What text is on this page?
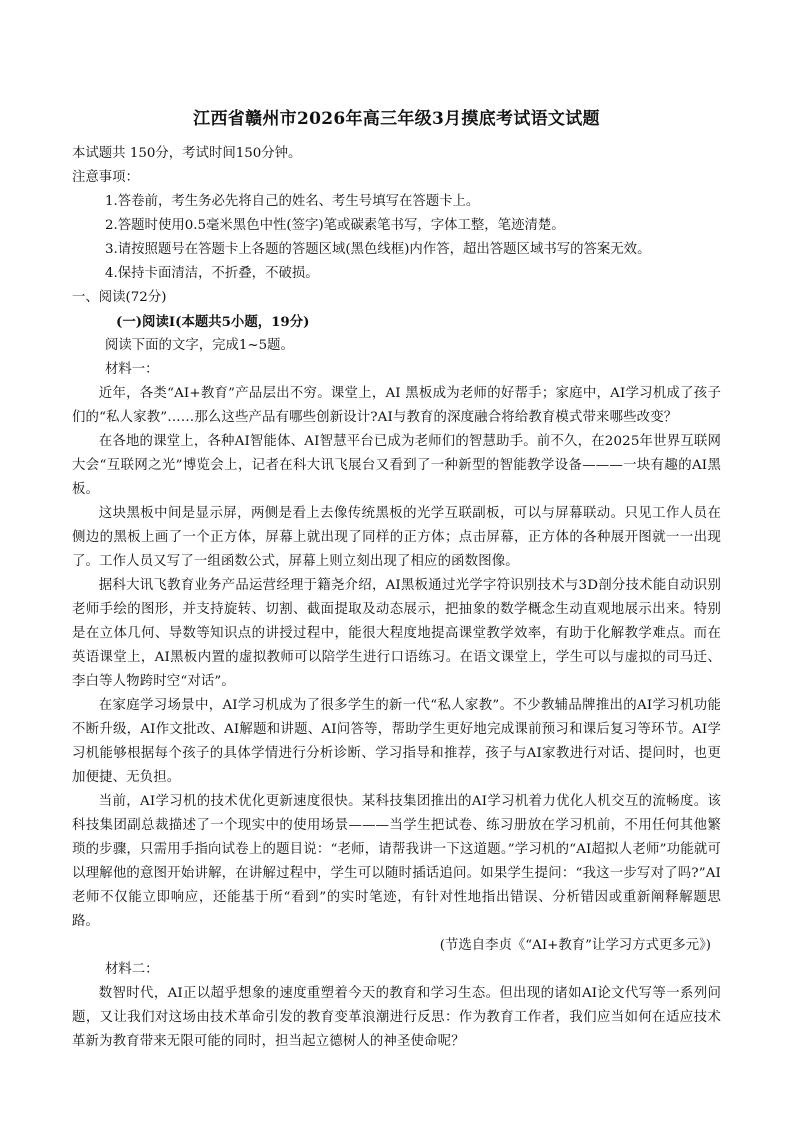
江西省赣州市2026年高三年级3月摸底考试语文试题

本试题共 150分，考试时间150分钟。

注意事项：

1.答卷前，考生务必先将自己的姓名、考生号填写在答题卡上。

2.答题时使用0.5毫米黑色中性(签字)笔或碳素笔书写，字体工整，笔迹清楚。

3.请按照题号在答题卡上各题的答题区域(黑色线框)内作答，超出答题区域书写的答案无效。

4.保持卡面清洁，不折叠，不破损。

一、阅读(72分)

(一)阅读Ⅰ(本题共5小题，19分)

阅读下面的文字，完成1~5题。

材料一：

近年，各类“AI+教育”产品层出不穷。课堂上，AI 黑板成为老师的好帮手；家庭中，AI学习机成了孩子们的“私人家教”……那么这些产品有哪些创新设计?AI与教育的深度融合将给教育模式带来哪些改变？

在各地的课堂上，各种AI智能体、AI智慧平台已成为老师们的智慧助手。前不久，在2025年世界互联网大会“互联网之光”博览会上，记者在科大讯飞展台又看到了一种新型的智能教学设备———一块有趣的AI黑板。

这块黑板中间是显示屏，两侧是看上去像传统黑板的光学互联副板，可以与屏幕联动。只见工作人员在侧边的黑板上画了一个正方体，屏幕上就出现了同样的正方体；点击屏幕，正方体的各种展开图就一一出现了。工作人员又写了一组函数公式，屏幕上则立刻出现了相应的函数图像。

据科大讯飞教育业务产品运营经理于籍尧介绍，AI黑板通过光学字符识别技术与3D剖分技术能自动识别老师手绘的图形，并支持旋转、切割、截面提取及动态展示，把抽象的数学概念生动直观地展示出来。特别是在立体几何、导数等知识点的讲授过程中，能很大程度地提高课堂教学效率，有助于化解教学难点。而在英语课堂上，AI黑板内置的虚拟教师可以陪学生进行口语练习。在语文课堂上，学生可以与虚拟的司马迁、李白等人物跨时空“对话”。

在家庭学习场景中，AI学习机成为了很多学生的新一代“私人家教”。不少教辅品牌推出的AI学习机功能不断升级，AI作文批改、AI解题和讲题、AI问答等，帮助学生更好地完成课前预习和课后复习等环节。AI学习机能够根据每个孩子的具体学情进行分析诊断、学习指导和推荐，孩子与AI家教进行对话、提问时，也更加便捷、无负担。

当前，AI学习机的技术优化更新速度很快。某科技集团推出的AI学习机着力优化人机交互的流畅度。该科技集团副总裁描述了一个现实中的使用场景———当学生把试卷、练习册放在学习机前，不用任何其他繁琐的步骤，只需用手指向试卷上的题目说：“老师，请帮我讲一下这道题。”学习机的“AI超拟人老师”功能就可以理解他的意图开始讲解，在讲解过程中，学生可以随时插话追问。如果学生提问：“我这一步写对了吗?”AI老师不仅能立即响应，还能基于所“看到”的实时笔迹，有针对性地指出错误、分析错因或重新阐释解题思路。

(节选自李贞《“AI+教育”让学习方式更多元》)

材料二：

数智时代，AI正以超乎想象的速度重塑着今天的教育和学习生态。但出现的诸如AI论文代写等一系列问题，又让我们对这场由技术革命引发的教育变革浪潮进行反思：作为教育工作者，我们应当如何在适应技术革新为教育带来无限可能的同时，担当起立德树人的神圣使命呢？
